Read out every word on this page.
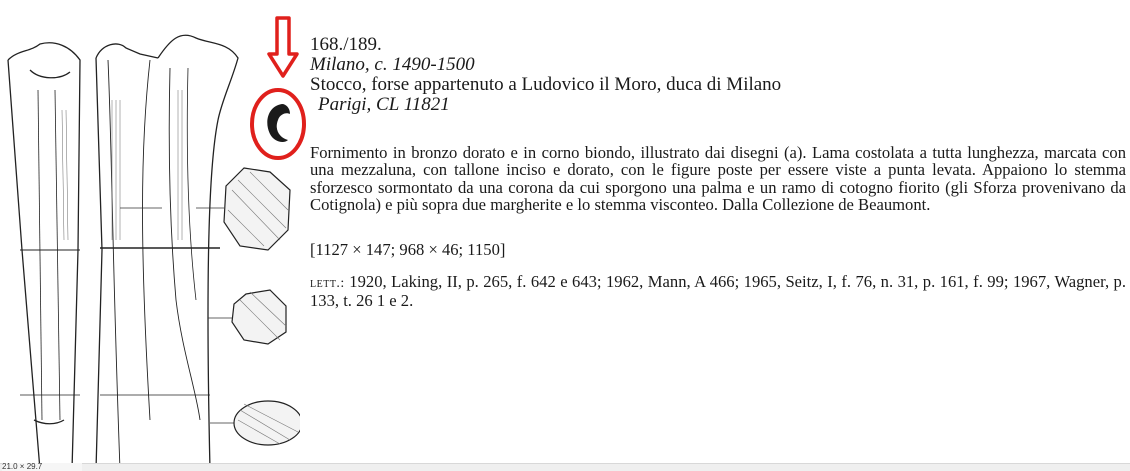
168./189.
Milano, c. 1490-1500
Stocco, forse appartenuto a Ludovico il Moro, duca di Milano
Parigi, CL 11821
Fornimento in bronzo dorato e in corno biondo, illustrato dai disegni (a). Lama costolata a tutta lunghezza, marcata con una mezzaluna, con tallone inciso e dorato, con le figure poste per essere viste a punta levata. Appaiono lo stemma sforzesco sormontato da una corona da cui sporgono una palma e un ramo di cotogno fiorito (gli Sforza provenivano da Cotignola) e più sopra due margherite e lo stemma visconteo. Dalla Collezione de Beaumont.
[1127 × 147; 968 × 46; 1150]
lett.: 1920, Laking, II, p. 265, f. 642 e 643; 1962, Mann, A 466; 1965, Seitz, I, f. 76, n. 31, p. 161, f. 99; 1967, Wagner, p. 133, t. 26 1 e 2.
21.0 × 29.7
